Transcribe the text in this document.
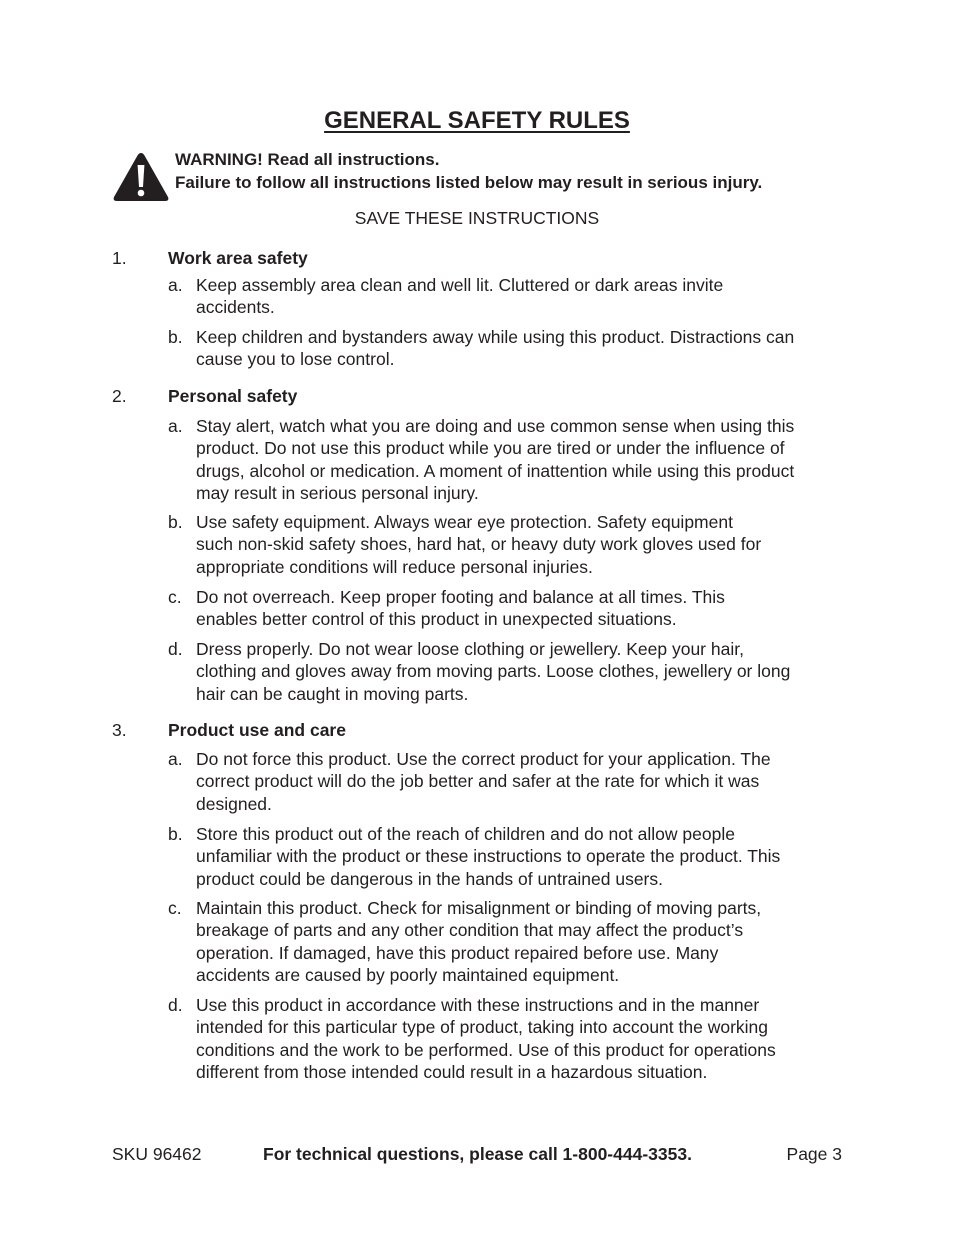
GENERAL SAFETY RULES
WARNING! Read all instructions.
Failure to follow all instructions listed below may result in serious injury.
SAVE THESE INSTRUCTIONS
1. Work area safety
a. Keep assembly area clean and well lit. Cluttered or dark areas invite
accidents.
b. Keep children and bystanders away while using this product. Distractions can
cause you to lose control.
2. Personal safety
a. Stay alert, watch what you are doing and use common sense when using this
product. Do not use this product while you are tired or under the influence of
drugs, alcohol or medication. A moment of inattention while using this product
may result in serious personal injury.
b. Use safety equipment. Always wear eye protection. Safety equipment
such non-skid safety shoes, hard hat, or heavy duty work gloves used for
appropriate conditions will reduce personal injuries.
c. Do not overreach. Keep proper footing and balance at all times. This
enables better control of this product in unexpected situations.
d. Dress properly. Do not wear loose clothing or jewellery. Keep your hair,
clothing and gloves away from moving parts. Loose clothes, jewellery or long
hair can be caught in moving parts.
3. Product use and care
a. Do not force this product. Use the correct product for your application. The
correct product will do the job better and safer at the rate for which it was
designed.
b. Store this product out of the reach of children and do not allow people
unfamiliar with the product or these instructions to operate the product. This
product could be dangerous in the hands of untrained users.
c. Maintain this product. Check for misalignment or binding of moving parts,
breakage of parts and any other condition that may affect the product’s
operation. If damaged, have this product repaired before use. Many
accidents are caused by poorly maintained equipment.
d. Use this product in accordance with these instructions and in the manner
intended for this particular type of product, taking into account the working
conditions and the work to be performed. Use of this product for operations
different from those intended could result in a hazardous situation.
SKU 96462	For technical questions, please call 1-800-444-3353.	Page 3
